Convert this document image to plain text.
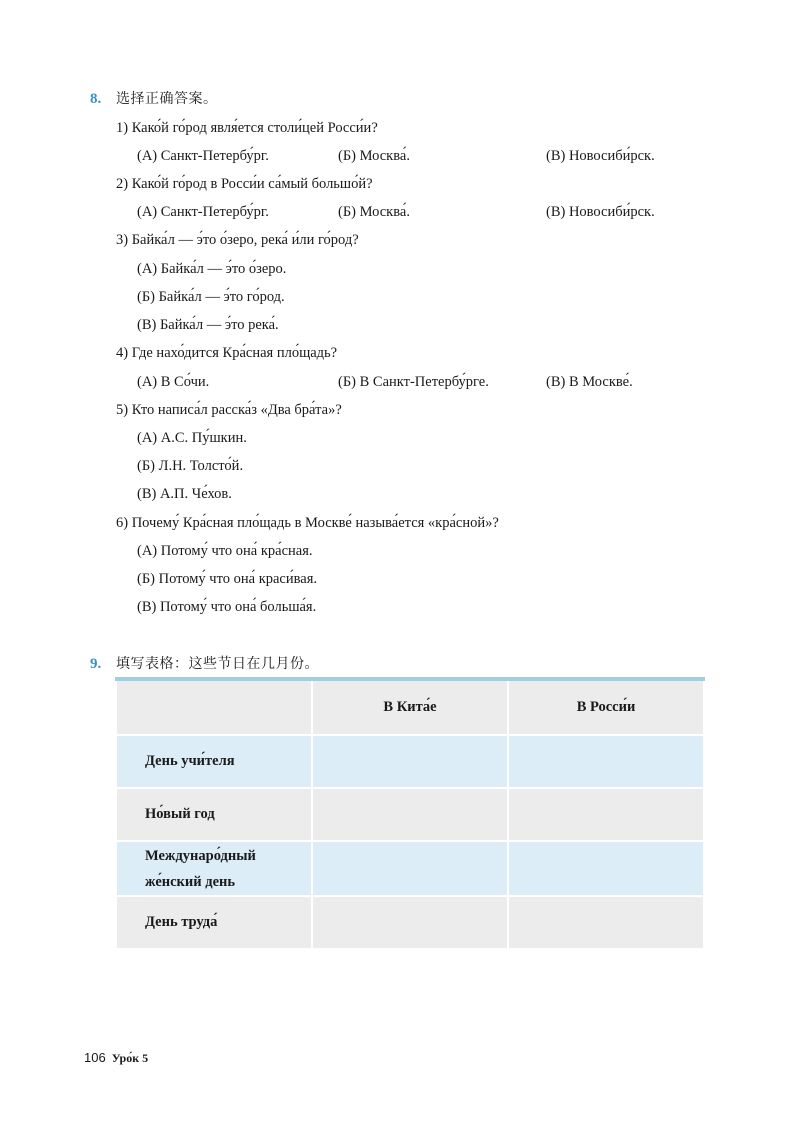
8.	选择正确答案。
1) Како́й го́род явля́ется столи́цей Росси́и?
(А) Санкт-Петербу́рг.	(Б) Москва́.	(В) Новосиби́рск.
2) Како́й го́род в Росси́и са́мый большо́й?
(А) Санкт-Петербу́рг.	(Б) Москва́.	(В) Новосиби́рск.
3) Байка́л — э́то о́зеро, река́ и́ли го́род?
(А) Байка́л — э́то о́зеро.
(Б) Байка́л — э́то го́род.
(В) Байка́л — э́то река́.
4) Где нахо́дится Кра́сная пло́щадь?
(А) В Со́чи.	(Б) В Санкт-Петербу́рге.	(В) В Москве́.
5) Кто написа́л расска́з «Два бра́та»?
(А) А.С. Пу́шкин.
(Б) Л.Н. Толсто́й.
(В) А.П. Че́хов.
6) Почему́ Кра́сная пло́щадь в Москве́ называ́ется «кра́сной»?
(А) Потому́ что она́ кра́сная.
(Б) Потому́ что она́ краси́вая.
(В) Потому́ что она́ больша́я.
9.	填写表格：这些节日在几月份。
	В Кита́е	В Росси́и
День учи́теля		
Но́вый год		
Междунаро́дный
же́нский день		
День труда́		
106 Уро́к 5
